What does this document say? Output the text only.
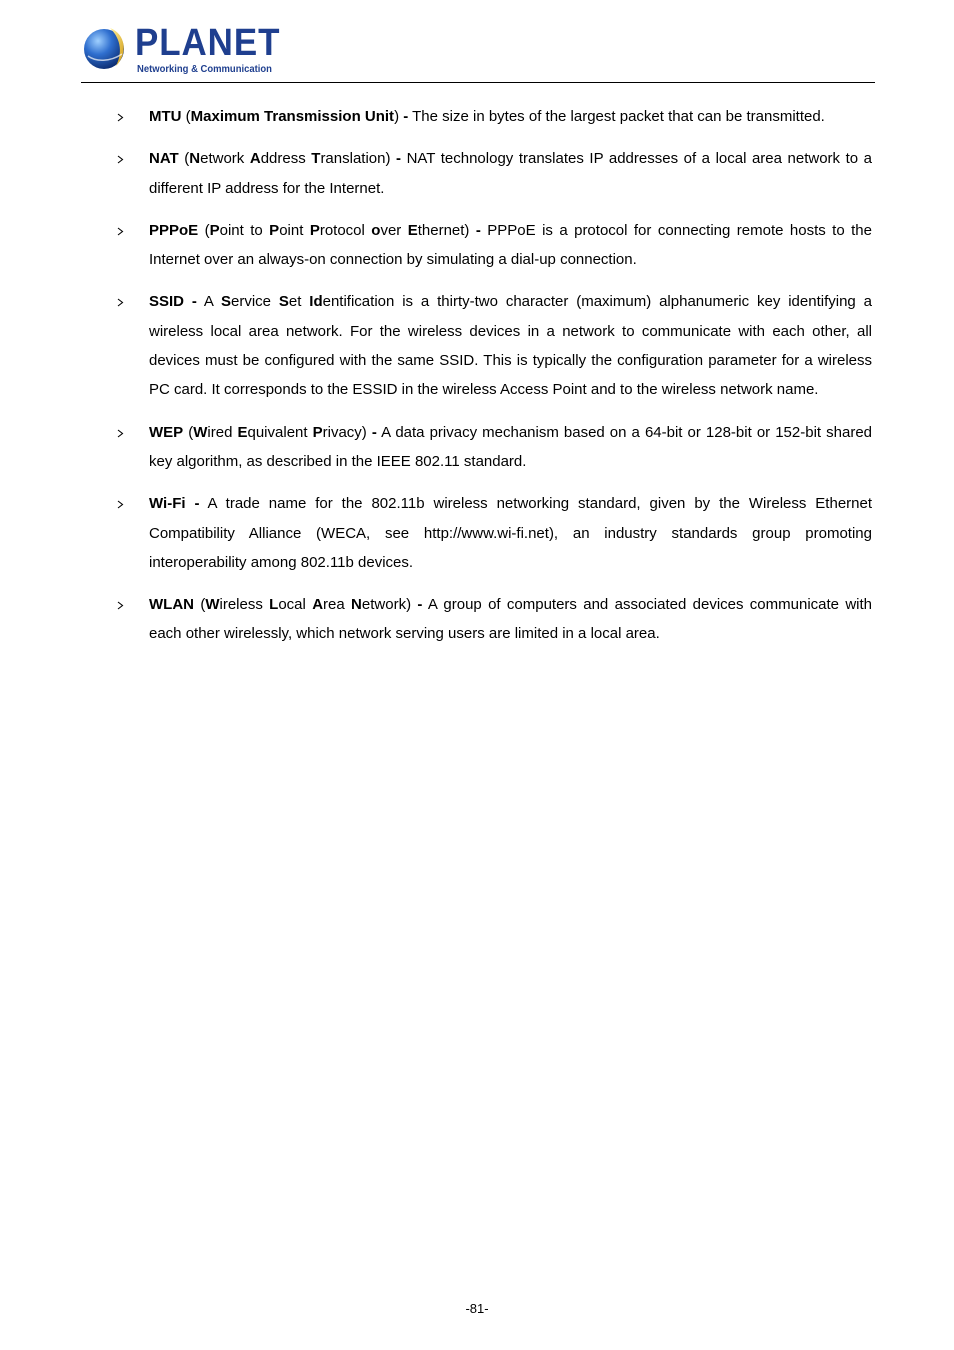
PLANET
Networking & Communication
MTU (Maximum Transmission Unit) - The size in bytes of the largest packet that can be transmitted.
NAT (Network Address Translation) - NAT technology translates IP addresses of a local area network to a different IP address for the Internet.
PPPoE (Point to Point Protocol over Ethernet) - PPPoE is a protocol for connecting remote hosts to the Internet over an always-on connection by simulating a dial-up connection.
SSID - A Service Set Identification is a thirty-two character (maximum) alphanumeric key identifying a wireless local area network. For the wireless devices in a network to communicate with each other, all devices must be configured with the same SSID. This is typically the configuration parameter for a wireless PC card. It corresponds to the ESSID in the wireless Access Point and to the wireless network name.
WEP (Wired Equivalent Privacy) - A data privacy mechanism based on a 64-bit or 128-bit or 152-bit shared key algorithm, as described in the IEEE 802.11 standard.
Wi-Fi - A trade name for the 802.11b wireless networking standard, given by the Wireless Ethernet Compatibility Alliance (WECA, see http://www.wi-fi.net), an industry standards group promoting interoperability among 802.11b devices.
WLAN (Wireless Local Area Network) - A group of computers and associated devices communicate with each other wirelessly, which network serving users are limited in a local area.
-81-
